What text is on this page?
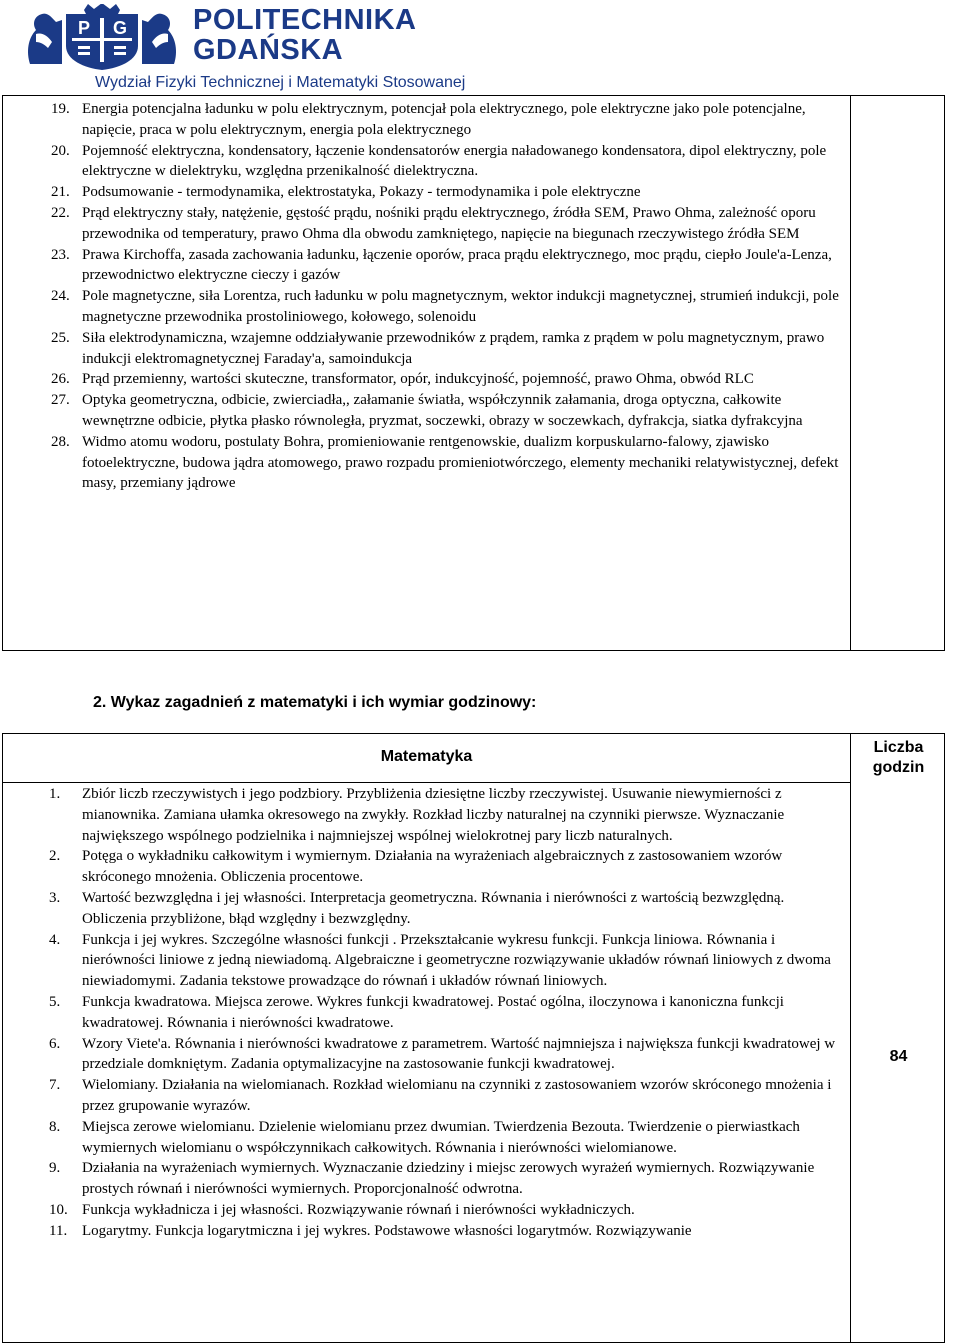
P G POLITECHNIKA
GDAŃSKA
Wydział Fizyki Technicznej i Matematyki Stosowanej
19. Energia potencjalna ładunku w polu elektrycznym, potencjał pola elektrycznego, pole elektryczne jako pole potencjalne, napięcie, praca w polu elektrycznym, energia pola elektrycznego
20. Pojemność elektryczna, kondensatory, łączenie kondensatorów energia naładowanego kondensatora, dipol elektryczny, pole elektryczne w dielektryku, względna przenikalność dielektryczna.
21. Podsumowanie - termodynamika, elektrostatyka, Pokazy - termodynamika i pole elektryczne
22. Prąd elektryczny stały, natężenie, gęstość prądu, nośniki prądu elektrycznego, źródła SEM, Prawo Ohma, zależność oporu przewodnika od temperatury, prawo Ohma dla obwodu zamkniętego, napięcie na biegunach rzeczywistego źródła SEM
23. Prawa Kirchoffa, zasada zachowania ładunku, łączenie oporów, praca prądu elektrycznego, moc prądu, ciepło Joule'a-Lenza, przewodnictwo elektryczne cieczy i gazów
24. Pole magnetyczne, siła Lorentza, ruch ładunku w polu magnetycznym, wektor indukcji magnetycznej, strumień indukcji, pole magnetyczne przewodnika prostoliniowego, kołowego, solenoidu
25. Siła elektrodynamiczna, wzajemne oddziaływanie przewodników z prądem, ramka z prądem w polu magnetycznym, prawo indukcji elektromagnetycznej Faraday'a, samoindukcja
26. Prąd przemienny, wartości skuteczne, transformator, opór, indukcyjność, pojemność, prawo Ohma, obwód RLC
27. Optyka geometryczna, odbicie, zwierciadła,, załamanie światła, współczynnik załamania, droga optyczna, całkowite wewnętrzne odbicie, płytka płasko równoległa, pryzmat, soczewki, obrazy w soczewkach, dyfrakcja, siatka dyfrakcyjna
28. Widmo atomu wodoru, postulaty Bohra, promieniowanie rentgenowskie, dualizm korpuskularno-falowy, zjawisko fotoelektryczne, budowa jądra atomowego, prawo rozpadu promieniotwórczego, elementy mechaniki relatywistycznej, defekt masy, przemiany jądrowe
2. Wykaz zagadnień z matematyki i ich wymiar godzinowy:
Matematyka
Liczba
godzin
84
1. Zbiór liczb rzeczywistych i jego podzbiory. Przybliżenia dziesiętne liczby rzeczywistej. Usuwanie niewymierności z mianownika. Zamiana ułamka okresowego na zwykły. Rozkład liczby naturalnej na czynniki pierwsze. Wyznaczanie największego wspólnego podzielnika i najmniejszej wspólnej wielokrotnej pary liczb naturalnych.
2. Potęga o wykładniku całkowitym i wymiernym. Działania na wyrażeniach algebraicznych z zastosowaniem wzorów skróconego mnożenia. Obliczenia procentowe.
3. Wartość bezwzględna i jej własności. Interpretacja geometryczna. Równania i nierówności z wartością bezwzględną. Obliczenia przybliżone, błąd względny i bezwzględny.
4. Funkcja i jej wykres. Szczególne własności funkcji . Przekształcanie wykresu funkcji. Funkcja liniowa. Równania i nierówności liniowe z jedną niewiadomą. Algebraiczne i geometryczne rozwiązywanie układów równań liniowych z dwoma niewiadomymi. Zadania tekstowe prowadzące do równań i układów równań liniowych.
5. Funkcja kwadratowa. Miejsca zerowe. Wykres funkcji kwadratowej. Postać ogólna, iloczynowa i kanoniczna funkcji kwadratowej. Równania i nierówności kwadratowe.
6. Wzory Viete'a. Równania i nierówności kwadratowe z parametrem. Wartość najmniejsza i największa funkcji kwadratowej w przedziale domkniętym. Zadania optymalizacyjne na zastosowanie funkcji kwadratowej.
7. Wielomiany. Działania na wielomianach. Rozkład wielomianu na czynniki z zastosowaniem wzorów skróconego mnożenia i przez grupowanie wyrazów.
8. Miejsca zerowe wielomianu. Dzielenie wielomianu przez dwumian. Twierdzenia Bezouta. Twierdzenie o pierwiastkach wymiernych wielomianu o współczynnikach całkowitych. Równania i nierówności wielomianowe.
9. Działania na wyrażeniach wymiernych. Wyznaczanie dziedziny i miejsc zerowych wyrażeń wymiernych. Rozwiązywanie prostych równań i nierówności wymiernych. Proporcjonalność odwrotna.
10. Funkcja wykładnicza i jej własności. Rozwiązywanie równań i nierówności wykładniczych.
11. Logarytmy. Funkcja logarytmiczna i jej wykres. Podstawowe własności logarytmów. Rozwiązywanie
